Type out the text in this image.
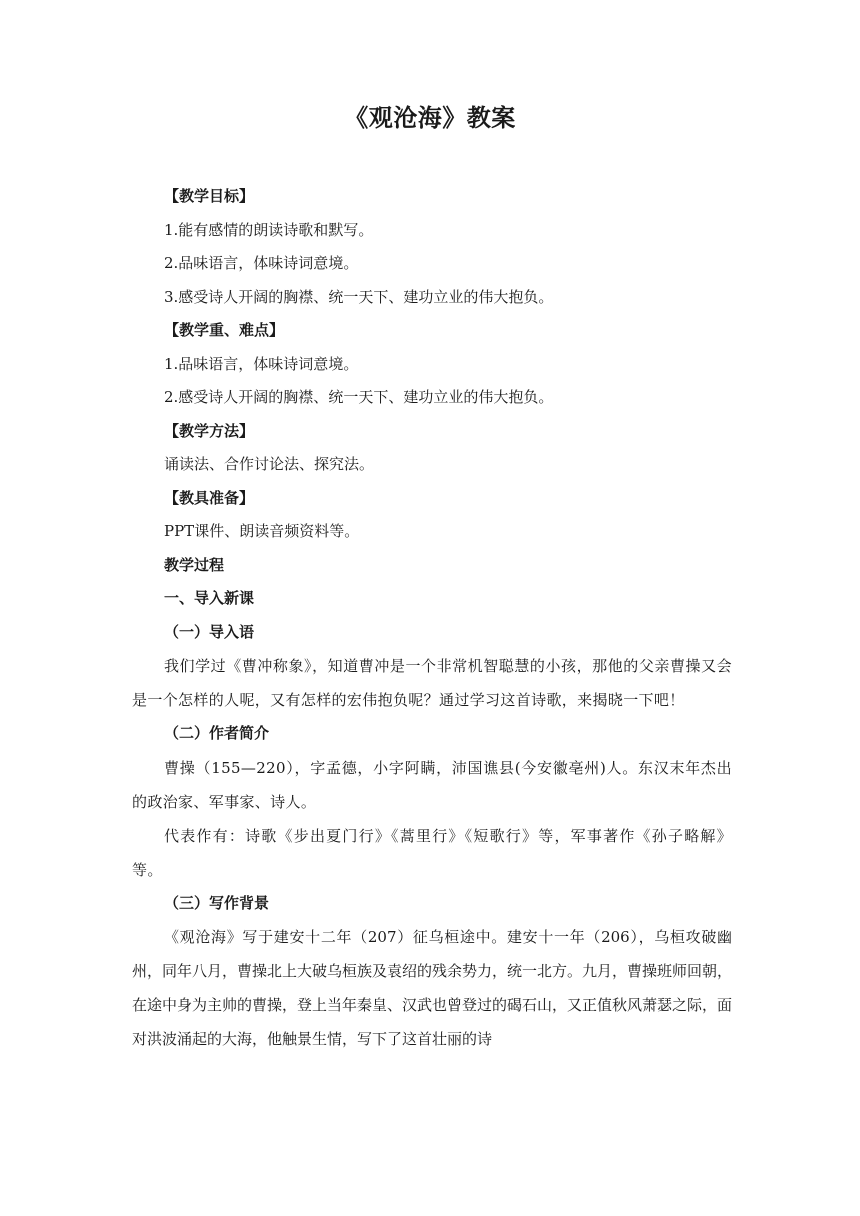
《观沧海》教案
【教学目标】
1.能有感情的朗读诗歌和默写。
2.品味语言，体味诗词意境。
3.感受诗人开阔的胸襟、统一天下、建功立业的伟大抱负。
【教学重、难点】
1.品味语言，体味诗词意境。
2.感受诗人开阔的胸襟、统一天下、建功立业的伟大抱负。
【教学方法】
诵读法、合作讨论法、探究法。
【教具准备】
PPT课件、朗读音频资料等。
教学过程
一、导入新课
（一）导入语
我们学过《曹冲称象》，知道曹冲是一个非常机智聪慧的小孩，那他的父亲曹操又会是一个怎样的人呢，又有怎样的宏伟抱负呢？通过学习这首诗歌，来揭晓一下吧！
（二）作者简介
曹操（155—220），字孟德，小字阿瞒，沛国谯县(今安徽亳州)人。东汉末年杰出的政治家、军事家、诗人。
代表作有：诗歌《步出夏门行》《蒿里行》《短歌行》等，军事著作《孙子略解》等。
（三）写作背景
《观沧海》写于建安十二年（207）征乌桓途中。建安十一年（206），乌桓攻破幽州，同年八月，曹操北上大破乌桓族及袁绍的残余势力，统一北方。九月，曹操班师回朝，在途中身为主帅的曹操，登上当年秦皇、汉武也曾登过的碣石山，又正值秋风萧瑟之际，面对洪波涌起的大海，他触景生情，写下了这首壮丽的诗
